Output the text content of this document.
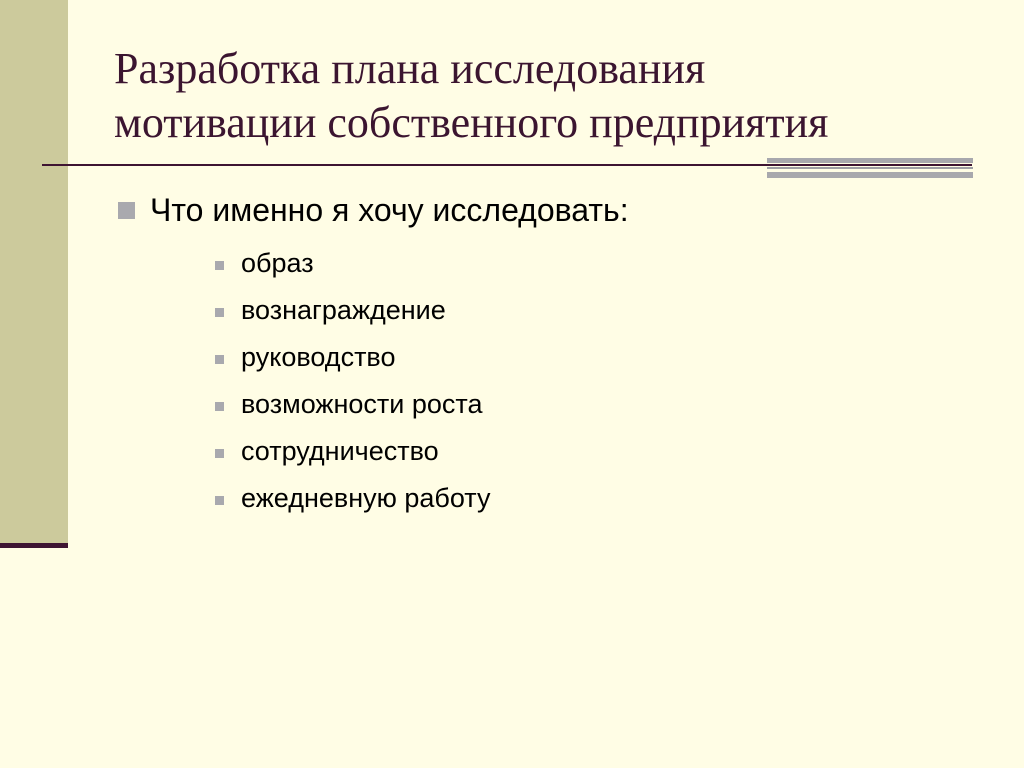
Разработка плана исследования
мотивации собственного предприятия
Что именно я хочу исследовать:
образ
вознаграждение
руководство
возможности роста
сотрудничество
ежедневную работу
